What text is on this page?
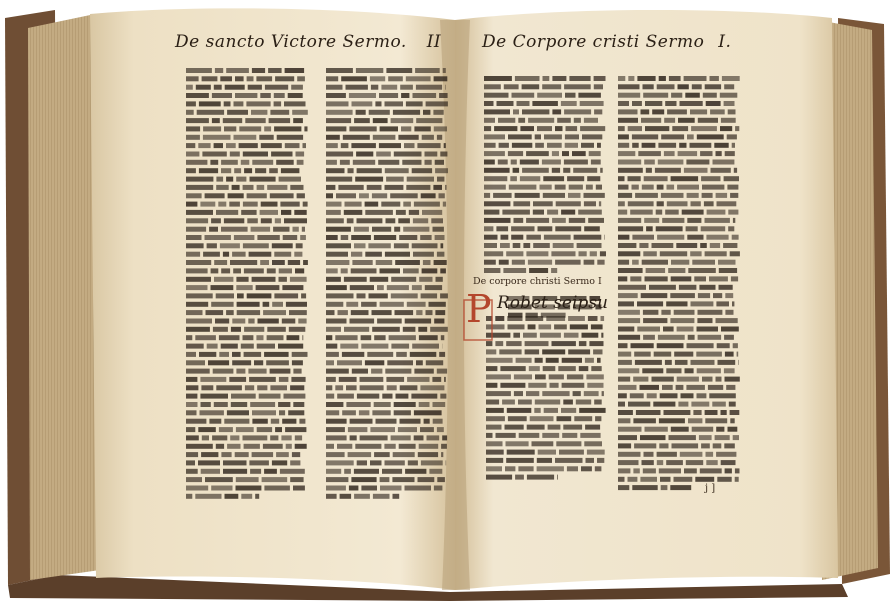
De sancto Victore Sermo. II De Corpore cristi Sermo I.
De corpore christi Sermo I
P Robet seipsu
j ]
